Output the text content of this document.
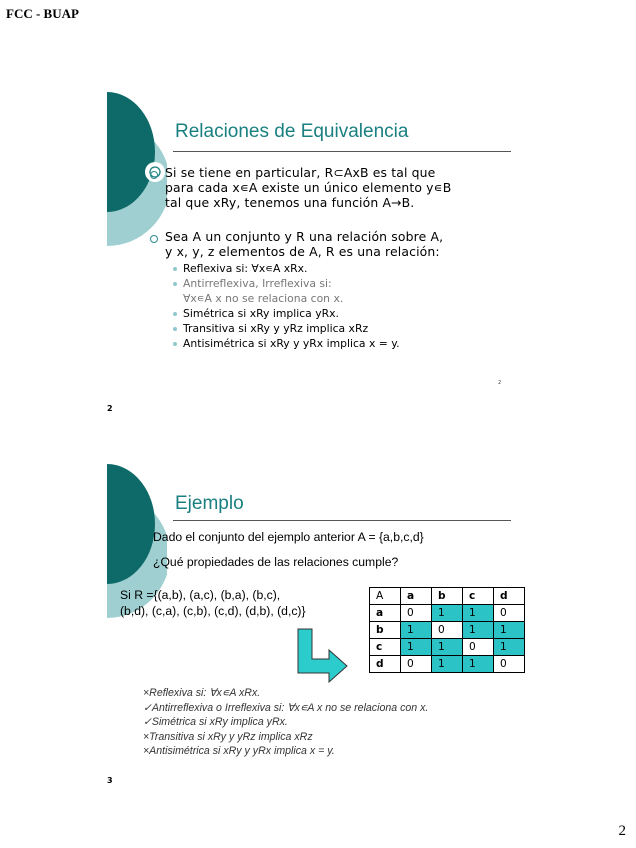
FCC - BUAP
Relaciones de Equivalencia
Si se tiene en particular, R⊂AxB es tal que
para cada x∊A existe un único elemento y∊B
tal que xRy, tenemos una función A→B.
Sea A un conjunto y R una relación sobre A,
y x, y, z elementos de A, R es una relación:
Reflexiva si: ∀x∊A xRx.
Antirreflexiva, Irreflexiva si:
∀x∊A x no se relaciona con x.
Simétrica si xRy implica yRx.
Transitiva si xRy y yRz implica xRz
Antisimétrica si xRy y yRx implica x = y.
2
2
Ejemplo
Dado el conjunto del ejemplo anterior A = {a,b,c,d}
¿Qué propiedades de las relaciones cumple?
Si R ={(a,b), (a,c), (b,a), (b,c),
(b,d), (c,a), (c,b), (c,d), (d,b), (d,c)}
A	a	b	c	d
a	0	1	1	0
b	1	0	1	1
c	1	1	0	1
d	0	1	1	0
×Reflexiva si: ∀x∊A xRx.
✓Antirreflexiva o Irreflexiva si: ∀x∊A x no se relaciona con x.
✓Simétrica si xRy implica yRx.
×Transitiva si xRy y yRz implica xRz
×Antisimétrica si xRy y yRx implica x = y.
3
2
